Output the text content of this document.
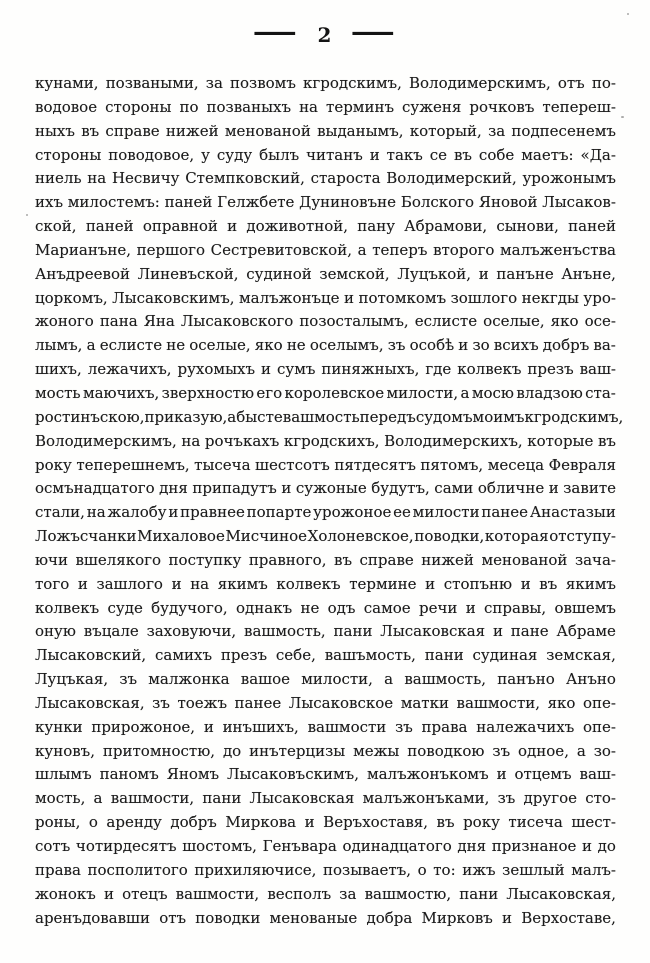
— 2 —
кунами, позваными, за позвомъ кгродскимъ, Володимерскимъ, отъ по-
водовое стороны по позваныхъ на терминъ суженя рочковъ тепереш-
ныхъ въ справе нижей менованой выданымъ, который, за подпесенемъ
стороны поводовое, у суду былъ читанъ и такъ се въ собе маетъ: «Да-
ниель на Несвичу Стемпковский, староста Володимерский, урожонымъ
ихъ милостемъ: паней Гелжбете Дуниновъне Болского Яновой Лысаков-
ской, паней оправной и доживотной, пану Абрамови, сынови, паней
Марианъне, першого Сестревитовской, а теперъ второго малъженъства
Анъдреевой Линевъской, судиной земской, Луцъкой, и панъне Анъне,
цоркомъ, Лысаковскимъ, малъжонъце и потомкомъ зошлого некгды уро-
жоного пана Яна Лысаковского позосталымъ, еслисте оселые, яко осе-
лымъ, а еслисте не оселые, яко не оселымъ, зъ особѣ и зо всихъ добръ ва-
шихъ, лежачихъ, рухомыхъ и сумъ пиняжныхъ, где колвекъ презъ ваш-
мость маючихъ, зверхностю его королевское милости, а мосю владзою ста-
ростинъскою, приказую, абысте вашмость передъ судомъ моимъ кгродскимъ,
Володимерскимъ, на рочъкахъ кгродскихъ, Володимерскихъ, которые въ
року теперешнемъ, тысеча шестсотъ пятдесятъ пятомъ, месеца Февраля
осмънадцатого дня припадутъ и сужоные будутъ, сами обличне и завите
стали, на жалобу и правнее попарте урожоное ее милости панее Анастазыи
Ложъсчанки Михаловое Мисчиное Холоневское, поводки, которая отступу-
ючи вшелякого поступку правного, въ справе нижей менованой зача-
того и зашлого и на якимъ колвекъ термине и стопъню и въ якимъ
колвекъ суде будучого, однакъ не одъ самое речи и справы, овшемъ
оную въцале заховуючи, вашмость, пани Лысаковская и пане Абраме
Лысаковский, самихъ презъ себе, вашъмость, пани судиная земская,
Луцъкая, зъ малжонка вашое милости, а вашмость, панъно Анъно
Лысаковская, зъ тоежъ панее Лысаковское матки вашмости, яко опе-
кунки прирожоное, и инъшихъ, вашмости зъ права належачихъ опе-
куновъ, притомностю, до инътерцизы межы поводкою зъ одное, а зо-
шлымъ паномъ Яномъ Лысаковъскимъ, малъжонъкомъ и отцемъ ваш-
мость, а вашмости, пани Лысаковская малъжонъками, зъ другое сто-
роны, о аренду добръ Миркова и Веръхоставя, въ року тисеча шест-
сотъ чотирдесятъ шостомъ, Генъвара одинадцатого дня признаное и до
права посполитого прихиляючисе, позываетъ, о то: ижъ зешлый малъ-
жонокъ и отецъ вашмости, весполъ за вашмостю, пани Лысаковская,
аренъдовавши отъ поводки менованые добра Мирковъ и Верхоставе,
